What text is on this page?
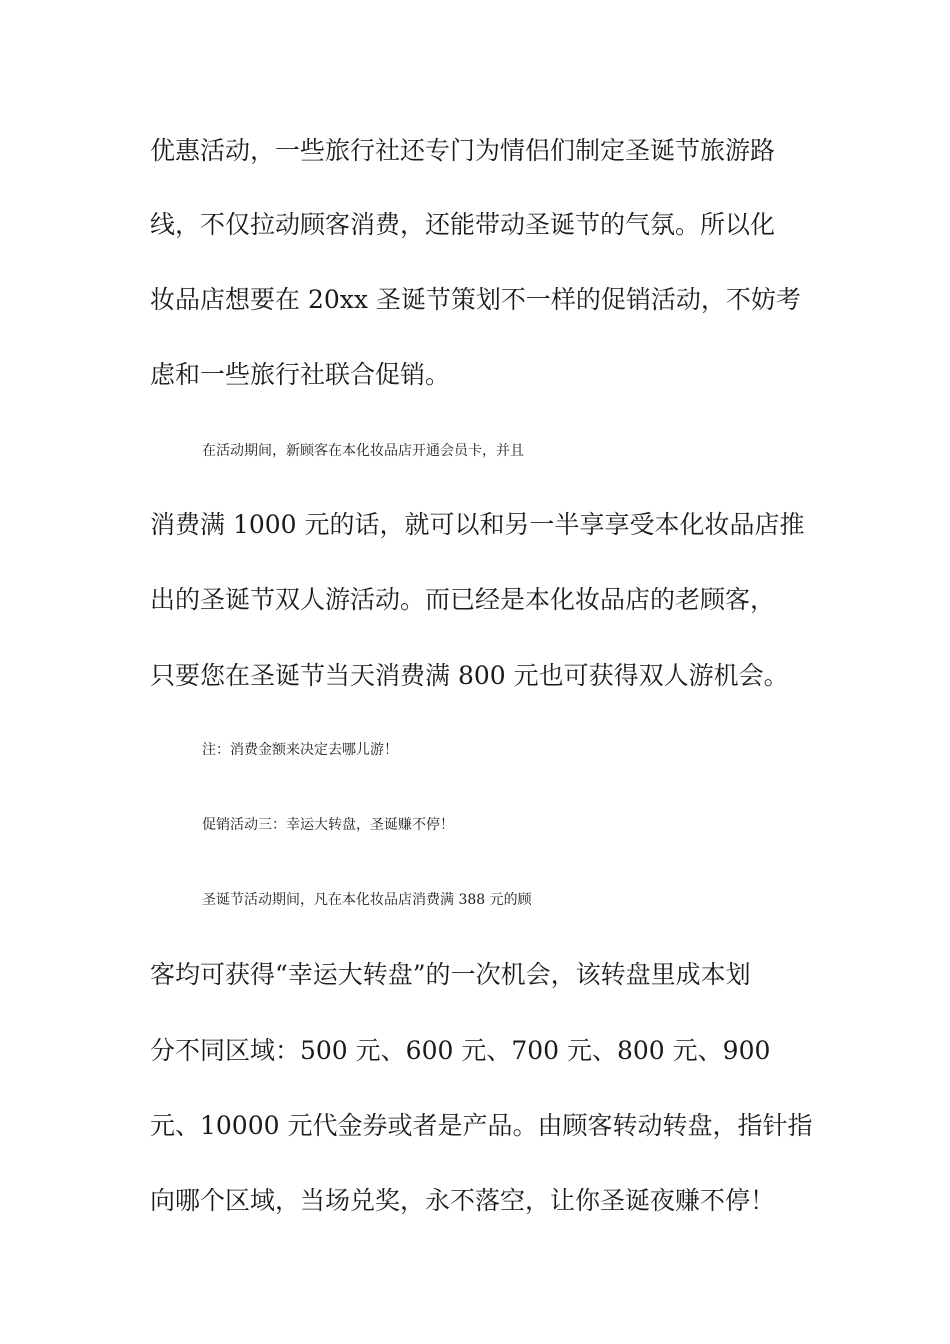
优惠活动，一些旅行社还专门为情侣们制定圣诞节旅游路
线，不仅拉动顾客消费，还能带动圣诞节的气氛。所以化
妆品店想要在 20xx 圣诞节策划不一样的促销活动，不妨考
虑和一些旅行社联合促销。
在活动期间，新顾客在本化妆品店开通会员卡，并且
消费满 1000 元的话，就可以和另一半享享受本化妆品店推
出的圣诞节双人游活动。而已经是本化妆品店的老顾客，
只要您在圣诞节当天消费满 800 元也可获得双人游机会。
注：消费金额来决定去哪儿游！
促销活动三：幸运大转盘，圣诞赚不停！
圣诞节活动期间，凡在本化妆品店消费满 388 元的顾
客均可获得“幸运大转盘”的一次机会，该转盘里成本划
分不同区域：500 元、600 元、700 元、800 元、900
元、10000 元代金券或者是产品。由顾客转动转盘，指针指
向哪个区域，当场兑奖，永不落空，让你圣诞夜赚不停！
